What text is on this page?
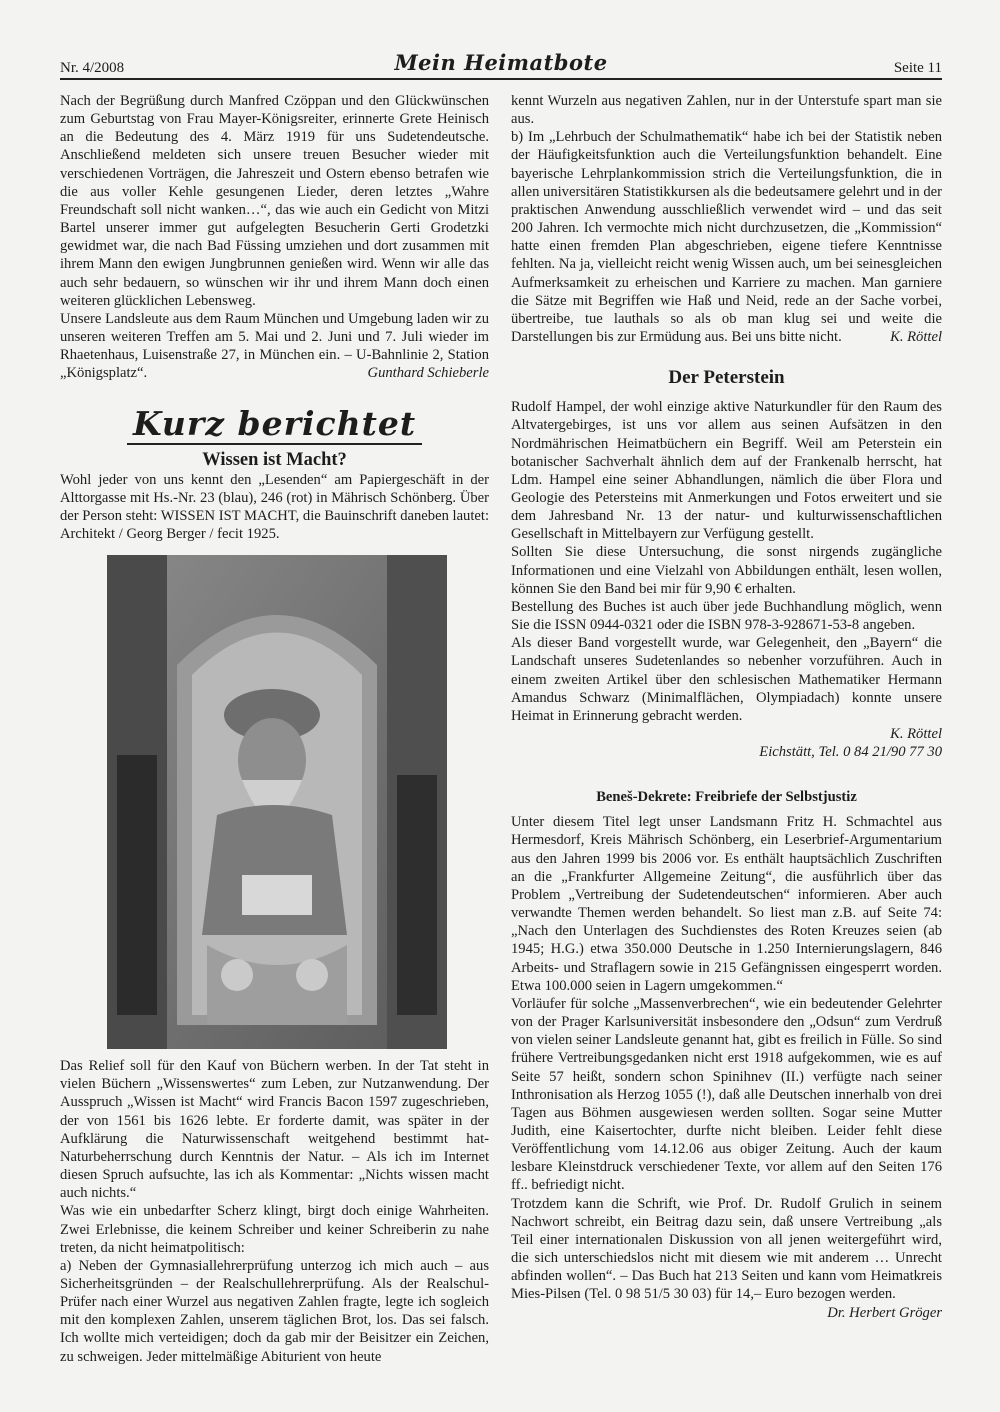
Nr. 4/2008	Mein Heimatbote	Seite 11

Nach der Begrüßung durch Manfred Czöppan und den Glückwünschen zum Geburtstag von Frau Mayer-Königsreiter, erinnerte Grete Heinisch an die Bedeutung des 4. März 1919 für uns Sudetendeutsche. Anschließend meldeten sich unsere treuen Besucher wieder mit verschiedenen Vorträgen, die Jahreszeit und Ostern ebenso betrafen wie die aus voller Kehle gesungenen Lieder, deren letztes „Wahre Freundschaft soll nicht wanken…“, das wie auch ein Gedicht von Mitzi Bartel unserer immer gut aufgelegten Besucherin Gerti Grodetzki gewidmet war, die nach Bad Füssing umziehen und dort zusammen mit ihrem Mann den ewigen Jungbrunnen genießen wird. Wenn wir alle das auch sehr bedauern, so wünschen wir ihr und ihrem Mann doch einen weiteren glücklichen Lebensweg.

Unsere Landsleute aus dem Raum München und Umgebung laden wir zu unseren weiteren Treffen am 5. Mai und 2. Juni und 7. Juli wieder im Rhaetenhaus, Luisenstraße 27, in München ein. – U-Bahnlinie 2, Station „Königsplatz“.	Gunthard Schieberle

Kurz berichtet
Wissen ist Macht?

Wohl jeder von uns kennt den „Lesenden“ am Papiergeschäft in der Alttorgasse mit Hs.-Nr. 23 (blau), 246 (rot) in Mährisch Schönberg. Über der Person steht: WISSEN IST MACHT, die Bauinschrift daneben lautet: Architekt / Georg Berger / fecit 1925.

Das Relief soll für den Kauf von Büchern werben. In der Tat steht in vielen Büchern „Wissenswertes“ zum Leben, zur Nutzanwendung. Der Ausspruch „Wissen ist Macht“ wird Francis Bacon 1597 zugeschrieben, der von 1561 bis 1626 lebte. Er forderte damit, was später in der Aufklärung die Naturwissenschaft weitgehend bestimmt hat-Naturbeherrschung durch Kenntnis der Natur. – Als ich im Internet diesen Spruch aufsuchte, las ich als Kommentar: „Nichts wissen macht auch nichts.“

Was wie ein unbedarfter Scherz klingt, birgt doch einige Wahrheiten. Zwei Erlebnisse, die keinem Schreiber und keiner Schreiberin zu nahe treten, da nicht heimatpolitisch:

a) Neben der Gymnasiallehrerprüfung unterzog ich mich auch – aus Sicherheitsgründen – der Realschullehrerprüfung. Als der Realschul-Prüfer nach einer Wurzel aus negativen Zahlen fragte, legte ich sogleich mit den komplexen Zahlen, unserem täglichen Brot, los. Das sei falsch. Ich wollte mich verteidigen; doch da gab mir der Beisitzer ein Zeichen, zu schweigen. Jeder mittelmäßige Abiturient von heute

kennt Wurzeln aus negativen Zahlen, nur in der Unterstufe spart man sie aus.

b) Im „Lehrbuch der Schulmathematik“ habe ich bei der Statistik neben der Häufigkeitsfunktion auch die Verteilungsfunktion behandelt. Eine bayerische Lehrplankommission strich die Verteilungsfunktion, die in allen universitären Statistikkursen als die bedeutsamere gelehrt und in der praktischen Anwendung ausschließlich verwendet wird – und das seit 200 Jahren. Ich vermochte mich nicht durchzusetzen, die „Kommission“ hatte einen fremden Plan abgeschrieben, eigene tiefere Kenntnisse fehlten. Na ja, vielleicht reicht wenig Wissen auch, um bei seinesgleichen Aufmerksamkeit zu erheischen und Karriere zu machen. Man garniere die Sätze mit Begriffen wie Haß und Neid, rede an der Sache vorbei, übertreibe, tue lauthals so als ob man klug sei und weite die Darstellungen bis zur Ermüdung aus. Bei uns bitte nicht.	K. Röttel

Der Peterstein

Rudolf Hampel, der wohl einzige aktive Naturkundler für den Raum des Altvatergebirges, ist uns vor allem aus seinen Aufsätzen in den Nordmährischen Heimatbüchern ein Begriff. Weil am Peterstein ein botanischer Sachverhalt ähnlich dem auf der Frankenalb herrscht, hat Ldm. Hampel eine seiner Abhandlungen, nämlich die über Flora und Geologie des Petersteins mit Anmerkungen und Fotos erweitert und sie dem Jahresband Nr. 13 der natur- und kulturwissenschaftlichen Gesellschaft in Mittelbayern zur Verfügung gestellt.

Sollten Sie diese Untersuchung, die sonst nirgends zugängliche Informationen und eine Vielzahl von Abbildungen enthält, lesen wollen, können Sie den Band bei mir für 9,90 € erhalten.

Bestellung des Buches ist auch über jede Buchhandlung möglich, wenn Sie die ISSN 0944-0321 oder die ISBN 978-3-928671-53-8 angeben.

Als dieser Band vorgestellt wurde, war Gelegenheit, den „Bayern“ die Landschaft unseres Sudetenlandes so nebenher vorzuführen. Auch in einem zweiten Artikel über den schlesischen Mathematiker Hermann Amandus Schwarz (Minimalflächen, Olympiadach) konnte unsere Heimat in Erinnerung gebracht werden.

K. Röttel
Eichstätt, Tel. 0 84 21/90 77 30
Beneš-Dekrete: Freibriefe der Selbstjustiz

Unter diesem Titel legt unser Landsmann Fritz H. Schmachtel aus Hermesdorf, Kreis Mährisch Schönberg, ein Leserbrief-Argumentarium aus den Jahren 1999 bis 2006 vor. Es enthält hauptsächlich Zuschriften an die „Frankfurter Allgemeine Zeitung“, die ausführlich über das Problem „Vertreibung der Sudetendeutschen“ informieren. Aber auch verwandte Themen werden behandelt. So liest man z.B. auf Seite 74: „Nach den Unterlagen des Suchdienstes des Roten Kreuzes seien (ab 1945; H.G.) etwa 350.000 Deutsche in 1.250 Internierungslagern, 846 Arbeits- und Straflagern sowie in 215 Gefängnissen eingesperrt worden. Etwa 100.000 seien in Lagern umgekommen.“

Vorläufer für solche „Massenverbrechen“, wie ein bedeutender Gelehrter von der Prager Karlsuniversität insbesondere den „Odsun“ zum Verdruß von vielen seiner Landsleute genannt hat, gibt es freilich in Fülle. So sind frühere Vertreibungsgedanken nicht erst 1918 aufgekommen, wie es auf Seite 57 heißt, sondern schon Spinihnev (II.) verfügte nach seiner Inthronisation als Herzog 1055 (!), daß alle Deutschen innerhalb von drei Tagen aus Böhmen ausgewiesen werden sollten. Sogar seine Mutter Judith, eine Kaisertochter, durfte nicht bleiben. Leider fehlt diese Veröffentlichung vom 14.12.06 aus obiger Zeitung. Auch der kaum lesbare Kleinstdruck verschiedener Texte, vor allem auf den Seiten 176 ff.. befriedigt nicht.

Trotzdem kann die Schrift, wie Prof. Dr. Rudolf Grulich in seinem Nachwort schreibt, ein Beitrag dazu sein, daß unsere Vertreibung „als Teil einer internationalen Diskussion von all jenen weitergeführt wird, die sich unterschiedslos nicht mit diesem wie mit anderem … Unrecht abfinden wollen“. – Das Buch hat 213 Seiten und kann vom Heimatkreis Mies-Pilsen (Tel. 0 98 51/5 30 03) für 14,– Euro bezogen werden.
Dr. Herbert Gröger
